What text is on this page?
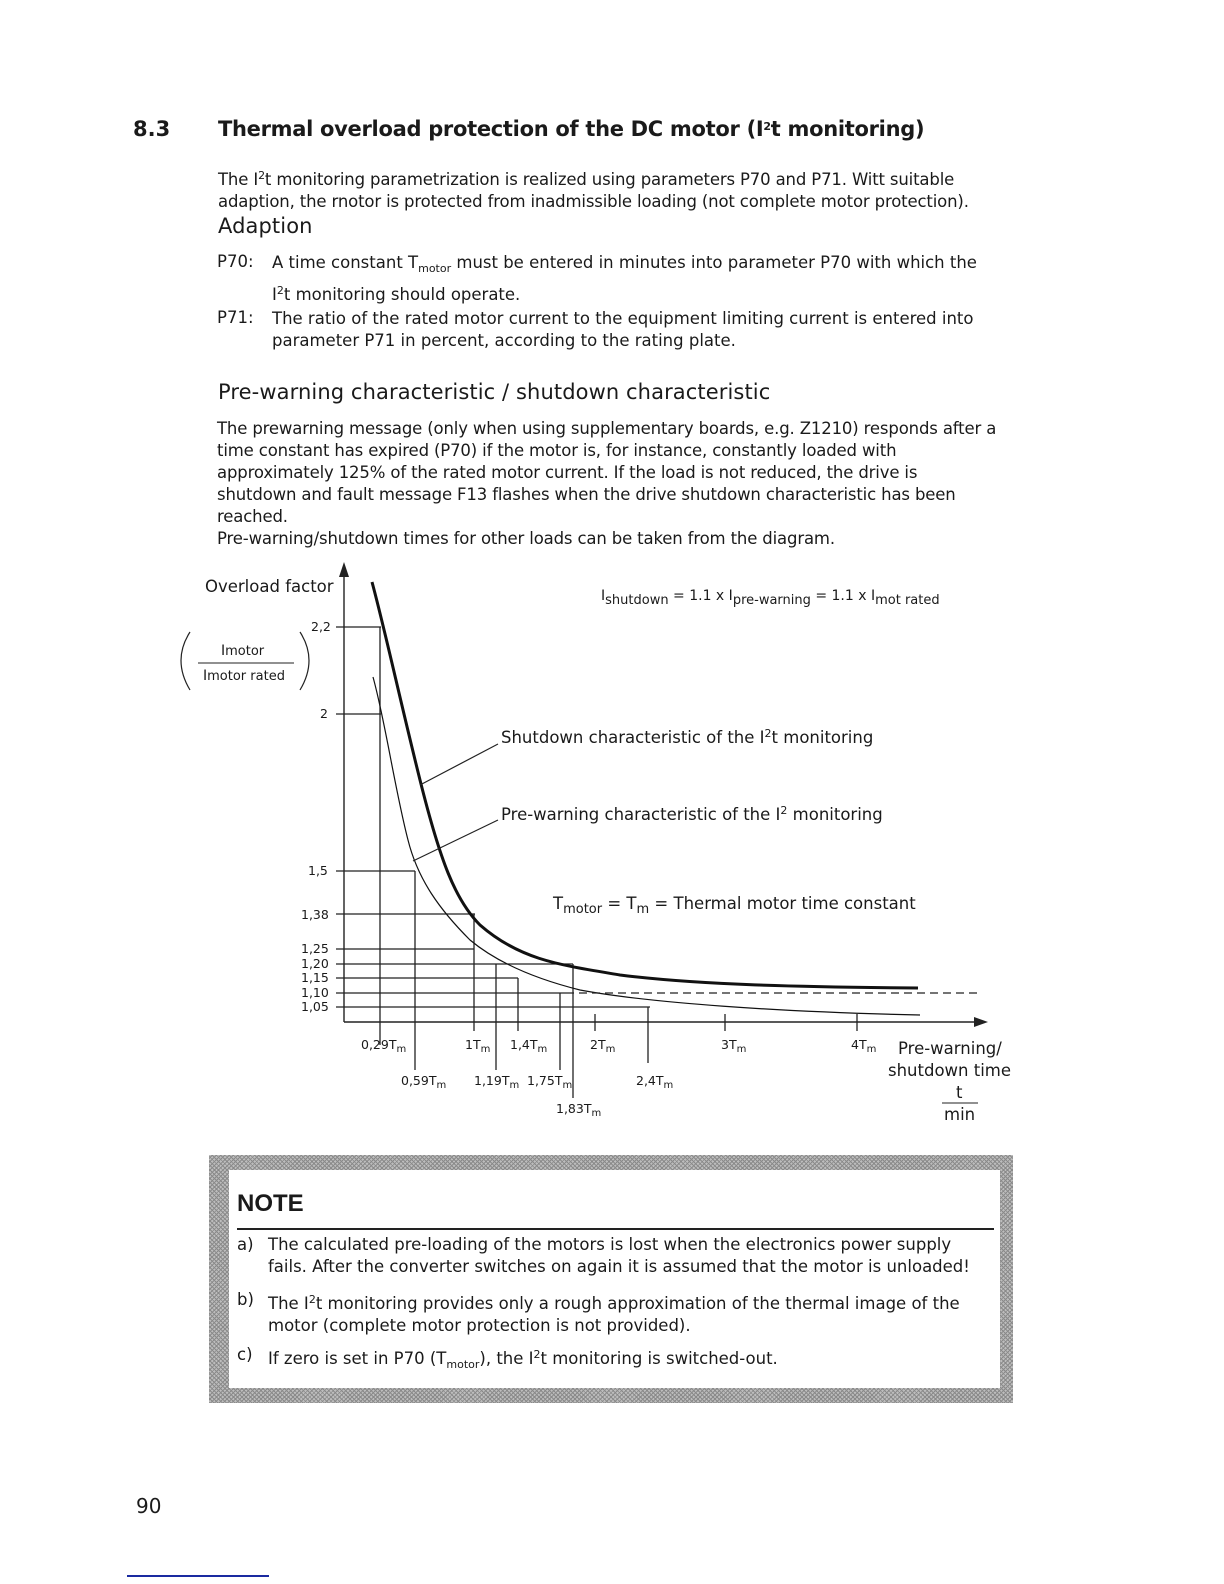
8.3 Thermal overload protection of the DC motor ($I^2t$ monitoring)
The $I^2t$ monitoring parametrization is realized using parameters P70 and P71. Witt suitable
adaption, the rnotor is protected from inadmissible loading (not complete motor protection).
Adaption
P70: A time constant $T_{motor}$ must be entered in minutes into parameter P70 with which the
$I^2t$ monitoring should operate.
P71: The ratio of the rated motor current to the equipment limiting current is entered into
parameter P71 in percent, according to the rating plate.
Pre-warning characteristic / shutdown characteristic
The prewarning message (only when using supplementary boards, e.g. Z1210) responds after a
time constant has expired (P70) if the motor is, for instance, constantly loaded with
approximately 125% of the rated motor current. If the load is not reduced, the drive is
shutdown and fault message F13 flashes when the drive shutdown characteristic has been
reached.
Pre-warning/shutdown times for other loads can be taken from the diagram.
Overload factor
Imotor
Imotor rated
Ishutdown = 1.1 x Ipre-warning = 1.1 x Imot rated
Shutdown characteristic of the $I^2t$ monitoring
Pre-warning characteristic of the $I^2$ monitoring
$T_{motor} = T_m$ = Thermal motor time constant
2,2
2
1,5
1,38
1,25
1,20
1,15
1,10
1,05
$0,29T_m$	$1T_m$ $1,4T_m$	$2T_m$	$3T_m$	$4T_m$
$0,59T_m$ $1,19T_m$ $1,75T_m$	$2,4T_m$
$1,83T_m$
Pre-warning/
shutdown time
t
min
NOTE
a) The calculated pre-loading of the motors is lost when the electronics power supply
fails. After the converter switches on again it is assumed that the motor is unloaded!
b) The $I^2t$ monitoring provides only a rough approximation of the thermal image of the
motor (complete motor protection is not provided).
c) If zero is set in P70 $(T_{motor})$, the $I^2t$ monitoring is switched-out.
90
